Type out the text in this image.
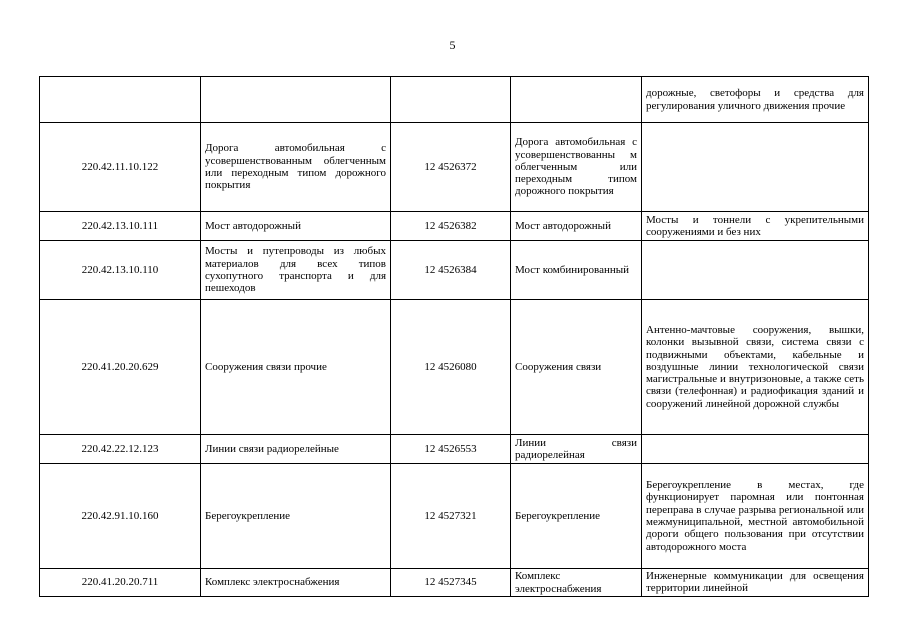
5
				дорожные, светофоры и средства для регулирования уличного движения прочие
220.42.11.10.122	Дорога автомобильная с усовершенствованным облегченным или переходным типом дорожного покрытия	12 4526372	Дорога автомобильная с усовершенствованны м облегченным или переходным типом дорожного покрытия	
220.42.13.10.111	Мост автодорожный	12 4526382	Мост автодорожный	Мосты и тоннели с укрепительными сооружениями и без них
220.42.13.10.110	Мосты и путепроводы из любых материалов для всех типов сухопутного транспорта и для пешеходов	12 4526384	Мост комбинированный	
220.41.20.20.629	Сооружения связи прочие	12 4526080	Сооружения связи	Антенно-мачтовые сооружения, вышки, колонки вызывной связи, система связи с подвижными объектами, кабельные и воздушные линии технологической связи магистральные и внутризоновые, а также сеть связи (телефонная) и радиофикация зданий и сооружений линейной дорожной службы
220.42.22.12.123	Линии связи радиорелейные	12 4526553	Линии связи радиорелейная	
220.42.91.10.160	Берегоукрепление	12 4527321	Берегоукрепление	Берегоукрепление в местах, где функционирует паромная или понтонная переправа в случае разрыва региональной или межмуниципальной, местной автомобильной дороги общего пользования при отсутствии автодорожного моста
220.41.20.20.711	Комплекс электроснабжения	12 4527345	Комплекс электроснабжения	Инженерные коммуникации для освещения территории линейной
